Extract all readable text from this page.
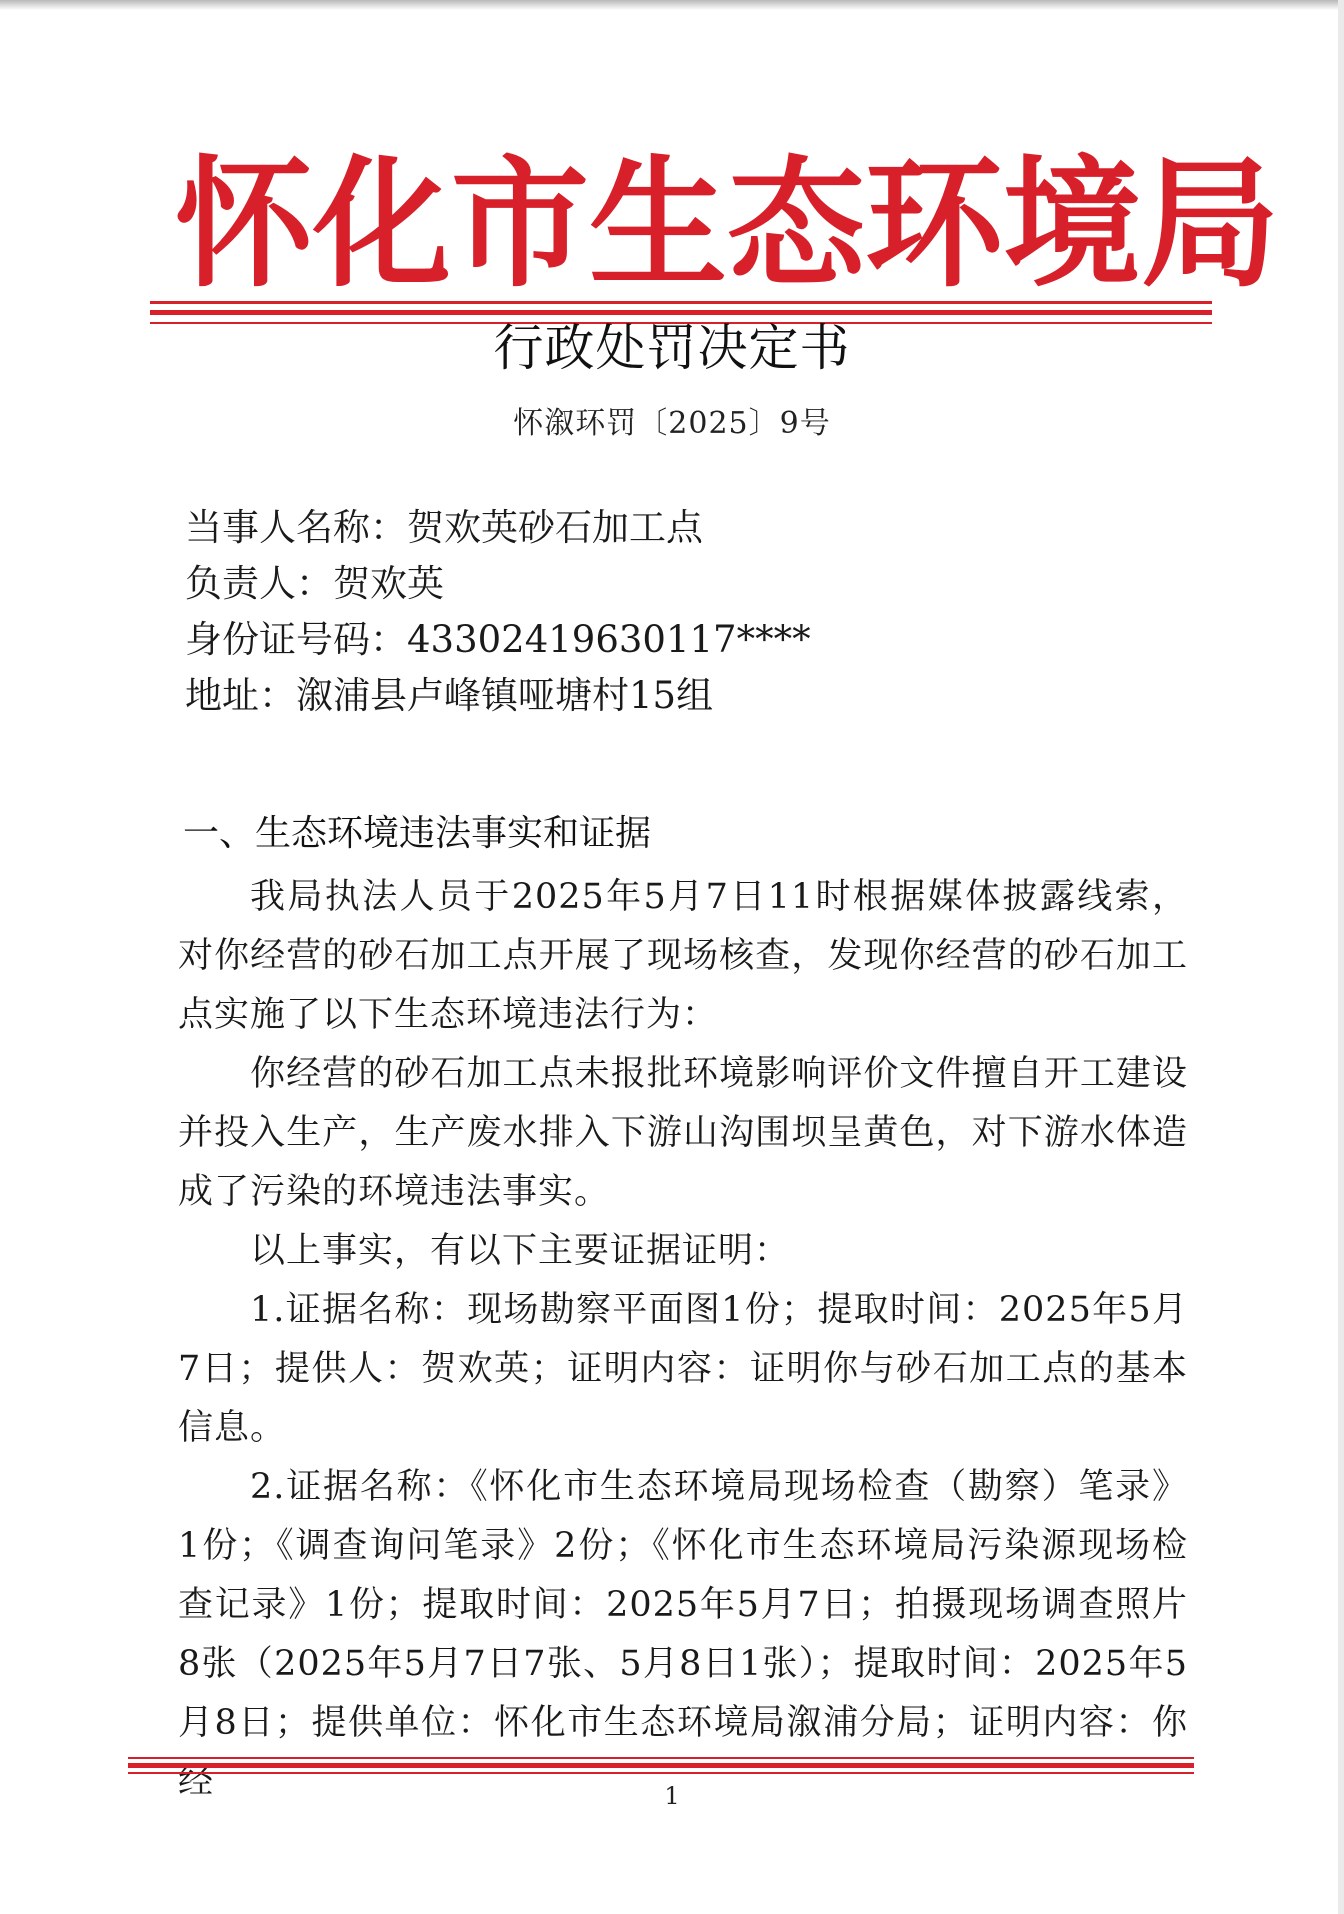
怀 化 市 生 态 环 境 局
行政处罚决定书
怀溆环罚〔2025〕9号
当事人名称：贺欢英砂石加工点
负责人：贺欢英
身份证号码：43302419630117****
地址：溆浦县卢峰镇哑塘村15组
一、生态环境违法事实和证据

我局执法人员于2025年5月7日11时根据媒体披露线索，对你经营的砂石加工点开展了现场核查，发现你经营的砂石加工点实施了以下生态环境违法行为：

你经营的砂石加工点未报批环境影响评价文件擅自开工建设并投入生产，生产废水排入下游山沟围坝呈黄色，对下游水体造成了污染的环境违法事实。

以上事实，有以下主要证据证明：

1.证据名称：现场勘察平面图1份；提取时间：2025年5月7日；提供人：贺欢英；证明内容：证明你与砂石加工点的基本信息。

2.证据名称：《怀化市生态环境局现场检查（勘察）笔录》1份；《调查询问笔录》2份；《怀化市生态环境局污染源现场检查记录》1份；提取时间：2025年5月7日；拍摄现场调查照片8张（2025年5月7日7张、5月8日1张）；提取时间：2025年5月8日；提供单位：怀化市生态环境局溆浦分局；证明内容：你经	1
